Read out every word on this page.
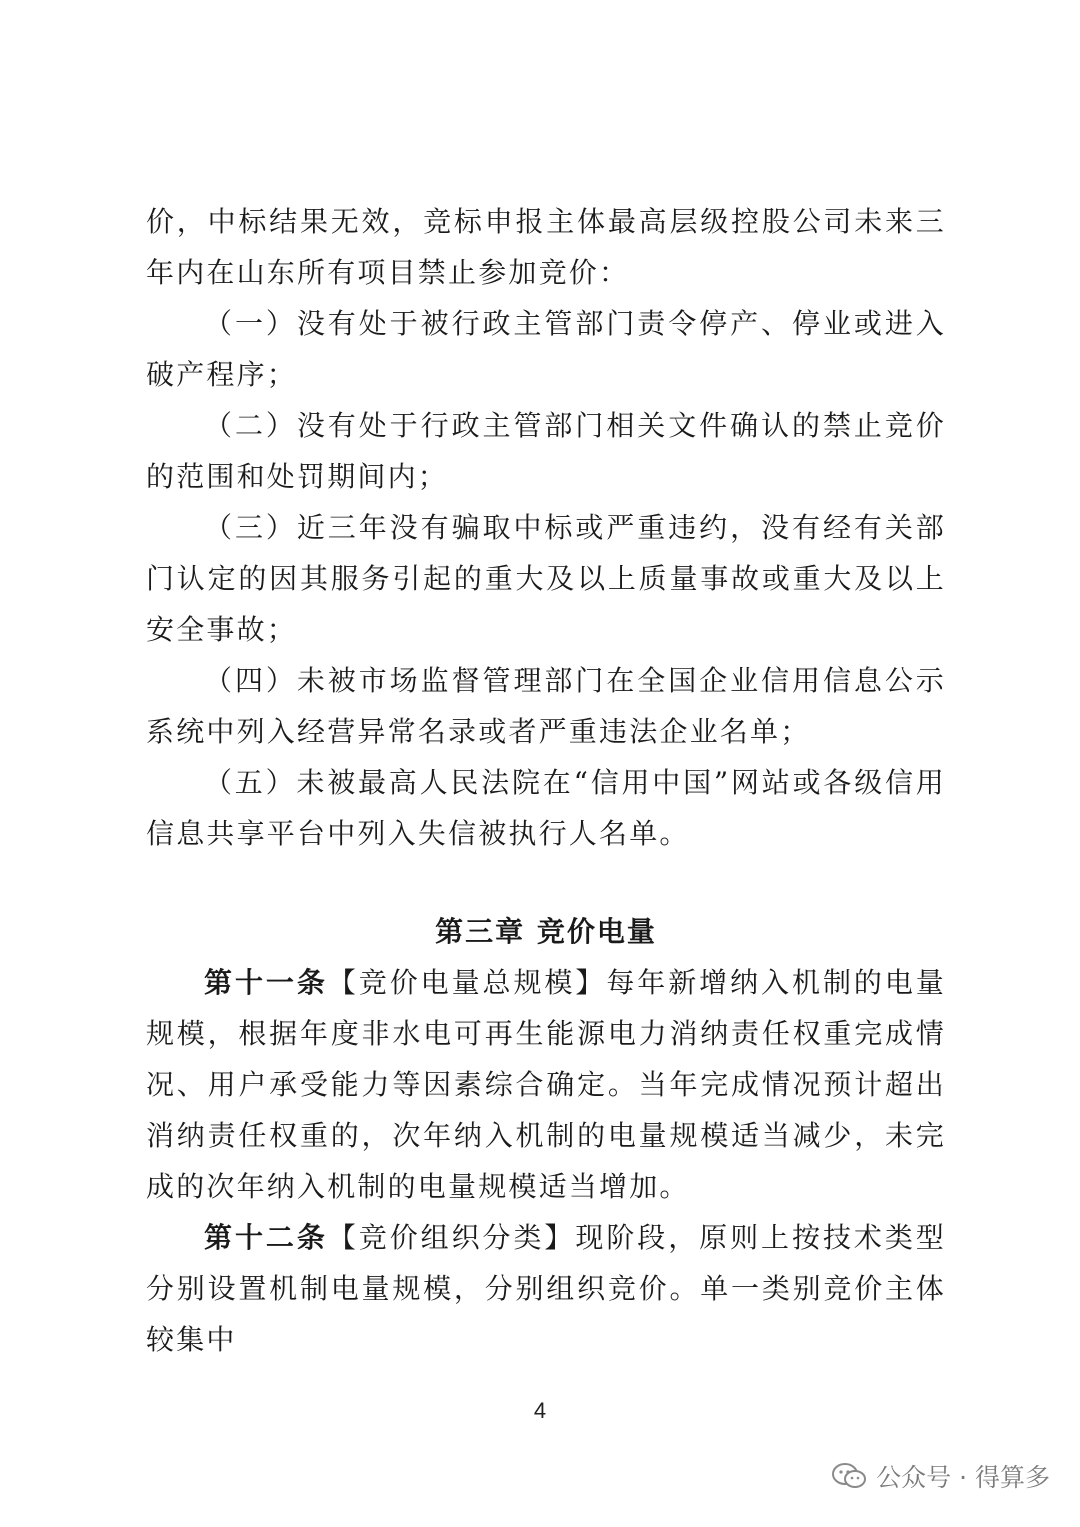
价，中标结果无效，竞标申报主体最高层级控股公司未来三年内在山东所有项目禁止参加竞价：

（一）没有处于被行政主管部门责令停产、停业或进入破产程序；

（二）没有处于行政主管部门相关文件确认的禁止竞价的范围和处罚期间内；

（三）近三年没有骗取中标或严重违约，没有经有关部门认定的因其服务引起的重大及以上质量事故或重大及以上安全事故；

（四）未被市场监督管理部门在全国企业信用信息公示系统中列入经营异常名录或者严重违法企业名单；

（五）未被最高人民法院在“信用中国”网站或各级信用信息共享平台中列入失信被执行人名单。

第三章 竞价电量

第十一条【竞价电量总规模】每年新增纳入机制的电量规模，根据年度非水电可再生能源电力消纳责任权重完成情况、用户承受能力等因素综合确定。当年完成情况预计超出消纳责任权重的，次年纳入机制的电量规模适当减少，未完成的次年纳入机制的电量规模适当增加。

第十二条【竞价组织分类】现阶段，原则上按技术类型分别设置机制电量规模，分别组织竞价。单一类别竞价主体较集中

4
公众号 · 得算多
